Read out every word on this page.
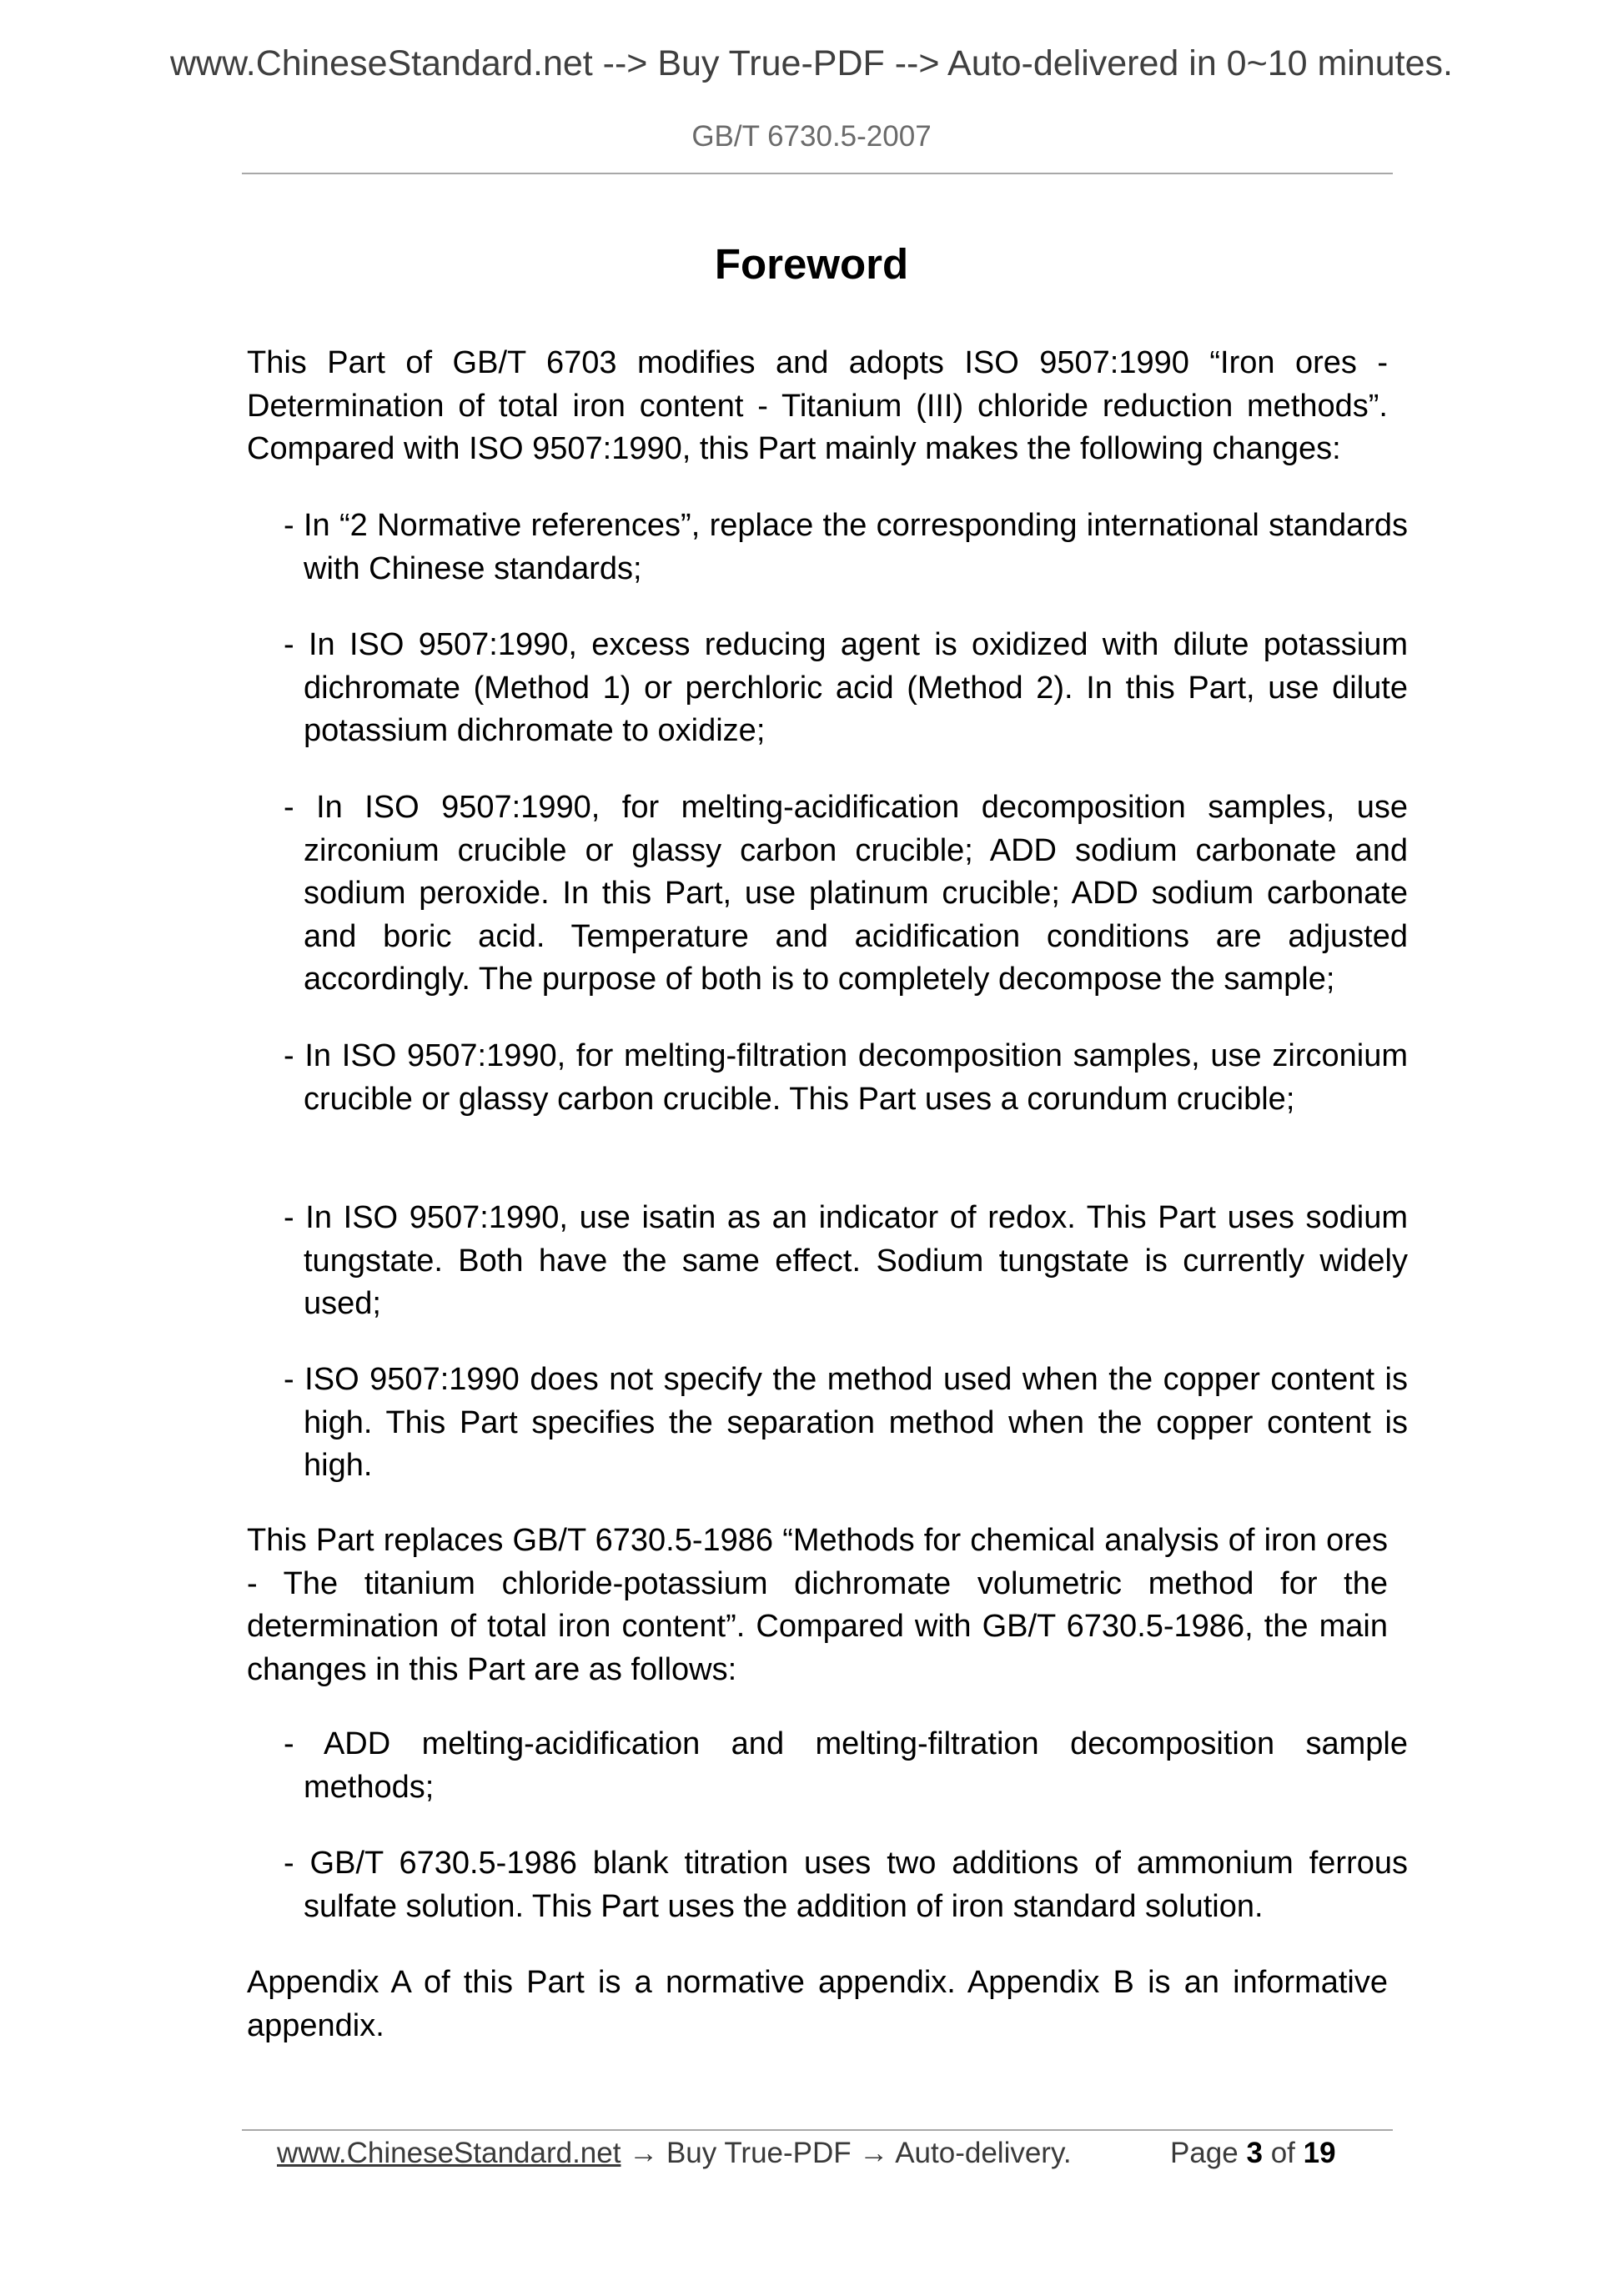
www.ChineseStandard.net --> Buy True-PDF --> Auto-delivered in 0~10 minutes.
GB/T 6730.5-2007
Foreword

This Part of GB/T 6703 modifies and adopts ISO 9507:1990 “Iron ores - Determination of total iron content - Titanium (III) chloride reduction methods”. Compared with ISO 9507:1990, this Part mainly makes the following changes:

- In “2 Normative references”, replace the corresponding international standards with Chinese standards;

- In ISO 9507:1990, excess reducing agent is oxidized with dilute potassium dichromate (Method 1) or perchloric acid (Method 2). In this Part, use dilute potassium dichromate to oxidize;

- In ISO 9507:1990, for melting-acidification decomposition samples, use zirconium crucible or glassy carbon crucible; ADD sodium carbonate and sodium peroxide. In this Part, use platinum crucible; ADD sodium carbonate and boric acid. Temperature and acidification conditions are adjusted accordingly. The purpose of both is to completely decompose the sample;

- In ISO 9507:1990, for melting-filtration decomposition samples, use zirconium crucible or glassy carbon crucible. This Part uses a corundum crucible;

- In ISO 9507:1990, use isatin as an indicator of redox. This Part uses sodium tungstate. Both have the same effect. Sodium tungstate is currently widely used;

- ISO 9507:1990 does not specify the method used when the copper content is high. This Part specifies the separation method when the copper content is high.

This Part replaces GB/T 6730.5-1986 “Methods for chemical analysis of iron ores - The titanium chloride-potassium dichromate volumetric method for the determination of total iron content”. Compared with GB/T 6730.5-1986, the main changes in this Part are as follows:

- ADD melting-acidification and melting-filtration decomposition sample methods;

- GB/T 6730.5-1986 blank titration uses two additions of ammonium ferrous sulfate solution. This Part uses the addition of iron standard solution.

Appendix A of this Part is a normative appendix. Appendix B is an informative appendix.

www.ChineseStandard.net → Buy True-PDF → Auto-delivery.	Page 3 of 19
